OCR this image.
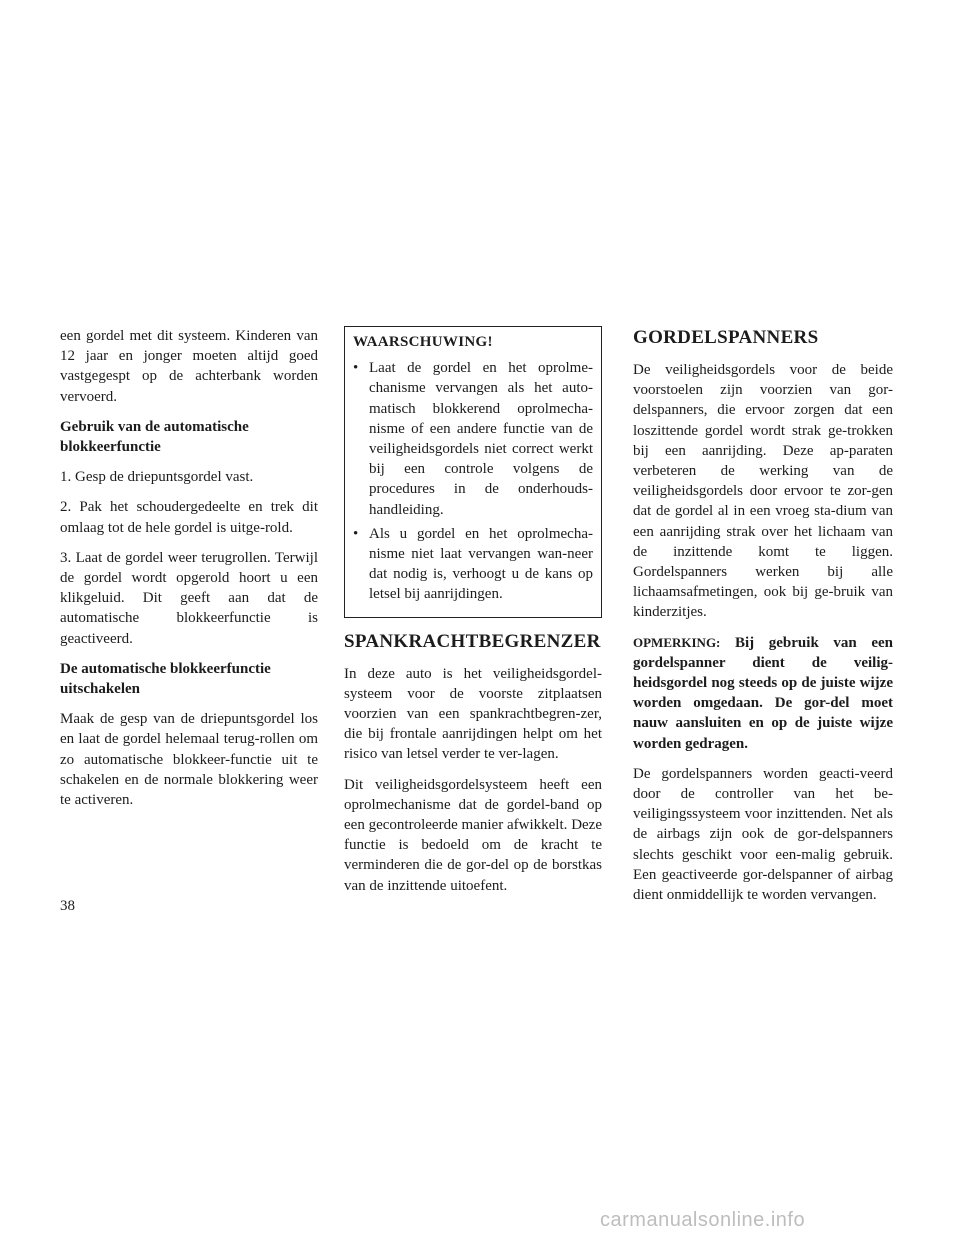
een gordel met dit systeem. Kinderen van 12 jaar en jonger moeten altijd goed vastgegespt op de achterbank worden vervoerd.

Gebruik van de automatische blokkeerfunctie

1. Gesp de driepuntsgordel vast.

2. Pak het schoudergedeelte en trek dit omlaag tot de hele gordel is uitge-rold.

3. Laat de gordel weer terugrollen. Terwijl de gordel wordt opgerold hoort u een klikgeluid. Dit geeft aan dat de automatische blokkeerfunctie is geactiveerd.

De automatische blokkeerfunctie uitschakelen

Maak de gesp van de driepuntsgordel los en laat de gordel helemaal terug-rollen om zo automatische blokkeer-functie uit te schakelen en de normale blokkering weer te activeren.

WAARSCHUWING!
• Laat de gordel en het oprolme-chanisme vervangen als het auto-matisch blokkerend oprolmecha-nisme of een andere functie van de veiligheidsgordels niet correct werkt bij een controle volgens de procedures in de onderhouds-handleiding.
• Als u gordel en het oprolmecha-nisme niet laat vervangen wan-neer dat nodig is, verhoogt u de kans op letsel bij aanrijdingen.
SPANKRACHTBEGRENZER

In deze auto is het veiligheidsgordel-systeem voor de voorste zitplaatsen voorzien van een spankrachtbegren-zer, die bij frontale aanrijdingen helpt om het risico van letsel verder te ver-lagen.

Dit veiligheidsgordelsysteem heeft een oprolmechanisme dat de gordel-band op een gecontroleerde manier afwikkelt. Deze functie is bedoeld om de kracht te verminderen die de gor-del op de borstkas van de inzittende uitoefent.

GORDELSPANNERS

De veiligheidsgordels voor de beide voorstoelen zijn voorzien van gor-delspanners, die ervoor zorgen dat een loszittende gordel wordt strak ge-trokken bij een aanrijding. Deze ap-paraten verbeteren de werking van de veiligheidsgordels door ervoor te zor-gen dat de gordel al in een vroeg sta-dium van een aanrijding strak over het lichaam van de inzittende komt te liggen. Gordelspanners werken bij alle lichaamsafmetingen, ook bij ge-bruik van kinderzitjes.

OPMERKING: Bij gebruik van een gordelspanner dient de veilig-heidsgordel nog steeds op de juiste wijze worden omgedaan. De gor-del moet nauw aansluiten en op de juiste wijze worden gedragen.

De gordelspanners worden geacti-veerd door de controller van het be-veiligingssysteem voor inzittenden. Net als de airbags zijn ook de gor-delspanners slechts geschikt voor een-malig gebruik. Een geactiveerde gor-delspanner of airbag dient onmiddellijk te worden vervangen.

38
carmanualsonline.info
